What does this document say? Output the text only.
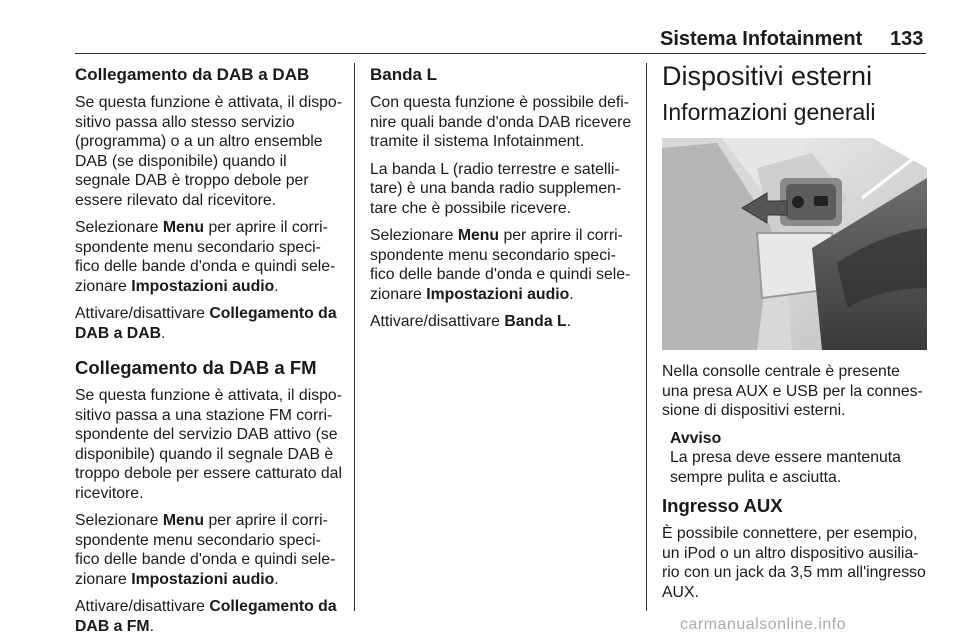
Sistema Infotainment 133
Collegamento da DAB a DAB

Se questa funzione è attivata, il dispo-sitivo passa allo stesso servizio (programma) o a un altro ensemble DAB (se disponibile) quando il segnale DAB è troppo debole per essere rilevato dal ricevitore.

Selezionare Menu per aprire il corri-spondente menu secondario speci-fico delle bande d'onda e quindi sele-zionare Impostazioni audio.

Attivare/disattivare Collegamento da DAB a DAB.

Collegamento da DAB a FM

Se questa funzione è attivata, il dispo-sitivo passa a una stazione FM corri-spondente del servizio DAB attivo (se disponibile) quando il segnale DAB è troppo debole per essere catturato dal ricevitore.

Selezionare Menu per aprire il corri-spondente menu secondario speci-fico delle bande d'onda e quindi sele-zionare Impostazioni audio.

Attivare/disattivare Collegamento da DAB a FM.

Banda L

Con questa funzione è possibile defi-nire quali bande d'onda DAB ricevere tramite il sistema Infotainment.

La banda L (radio terrestre e satelli-tare) è una banda radio supplemen-tare che è possibile ricevere.

Selezionare Menu per aprire il corri-spondente menu secondario speci-fico delle bande d'onda e quindi sele-zionare Impostazioni audio.

Attivare/disattivare Banda L.

Dispositivi esterni
Informazioni generali

Nella consolle centrale è presente una presa AUX e USB per la connes-sione di dispositivi esterni.

Avviso

La presa deve essere mantenuta sempre pulita e asciutta.

Ingresso AUX

È possibile connettere, per esempio, un iPod o un altro dispositivo ausilia-rio con un jack da 3,5 mm all'ingresso AUX.

carmanualsonline.info
